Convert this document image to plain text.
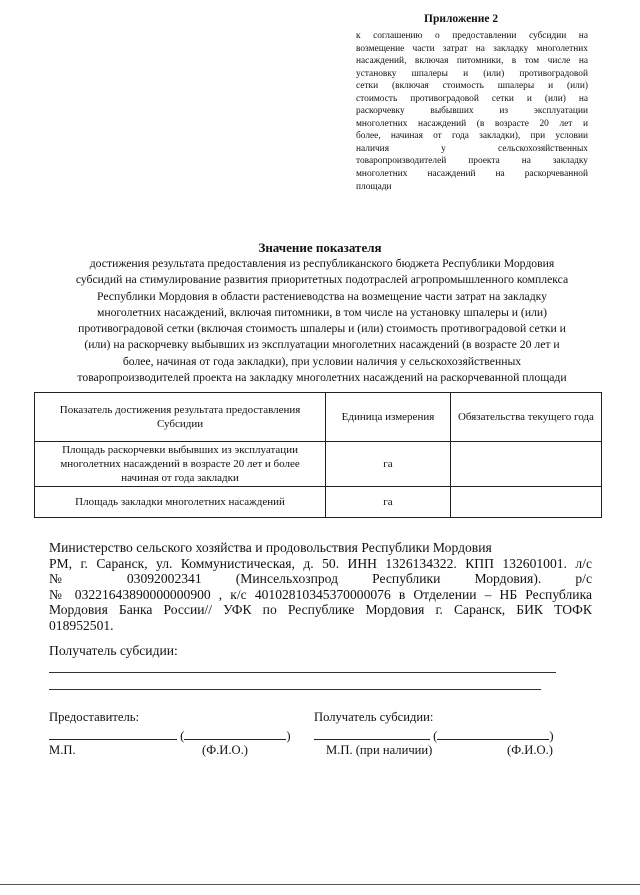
Приложение 2
к соглашению о предоставлении субсидии на
возмещение части затрат на закладку многолетних
насаждений, включая питомники, в том числе на
установку шпалеры и (или) противоградовой
сетки (включая стоимость шпалеры и (или)
стоимость противоградовой сетки и (или) на
раскорчевку выбывших из эксплуатации
многолетних насаждений (в возрасте 20 лет и
более, начиная от года закладки), при условии
наличия у сельскохозяйственных
товаропроизводителей проекта на закладку
многолетних насаждений на раскорчеванной
площади
Значение показателя
достижения результата предоставления из республиканского бюджета Республики Мордовия
субсидий на стимулирование развития приоритетных подотраслей агропромышленного комплекса
Республики Мордовия в области растениеводства на возмещение части затрат на закладку
многолетних насаждений, включая питомники, в том числе на установку шпалеры и (или)
противоградовой сетки (включая стоимость шпалеры и (или) стоимость противоградовой сетки и
(или) на раскорчевку выбывших из эксплуатации многолетних насаждений (в возрасте 20 лет и
более, начиная от года закладки), при условии наличия у сельскохозяйственных
товаропроизводителей проекта на закладку многолетних насаждений на раскорчеванной площади
Показатель достижения результата предоставления Субсидии	Единица измерения	Обязательства текущего года
Площадь раскорчевки выбывших из эксплуатации многолетних насаждений в возрасте 20 лет и более начиная от года закладки	га	
Площадь закладки многолетних насаждений	га	
Министерство сельского хозяйства и продовольствия Республики Мордовия
РМ, г. Саранск, ул. Коммунистическая, д. 50. ИНН 1326134322. КПП 132601001. л/с
№ 03092002341 (Минсельхозпрод Республики Мордовия). р/с
№ 03221643890000000900 , к/с 40102810345370000076 в Отделении – НБ Республика
Мордовия Банка России// УФК по Республике Мордовия г. Саранск, БИК ТОФК
018952501.
Получатель субсидии:
Предоставитель:	Получатель субсидии:
(	)	(	)
М.П.	(Ф.И.О.)	М.П. (при наличии)	(Ф.И.О.)
